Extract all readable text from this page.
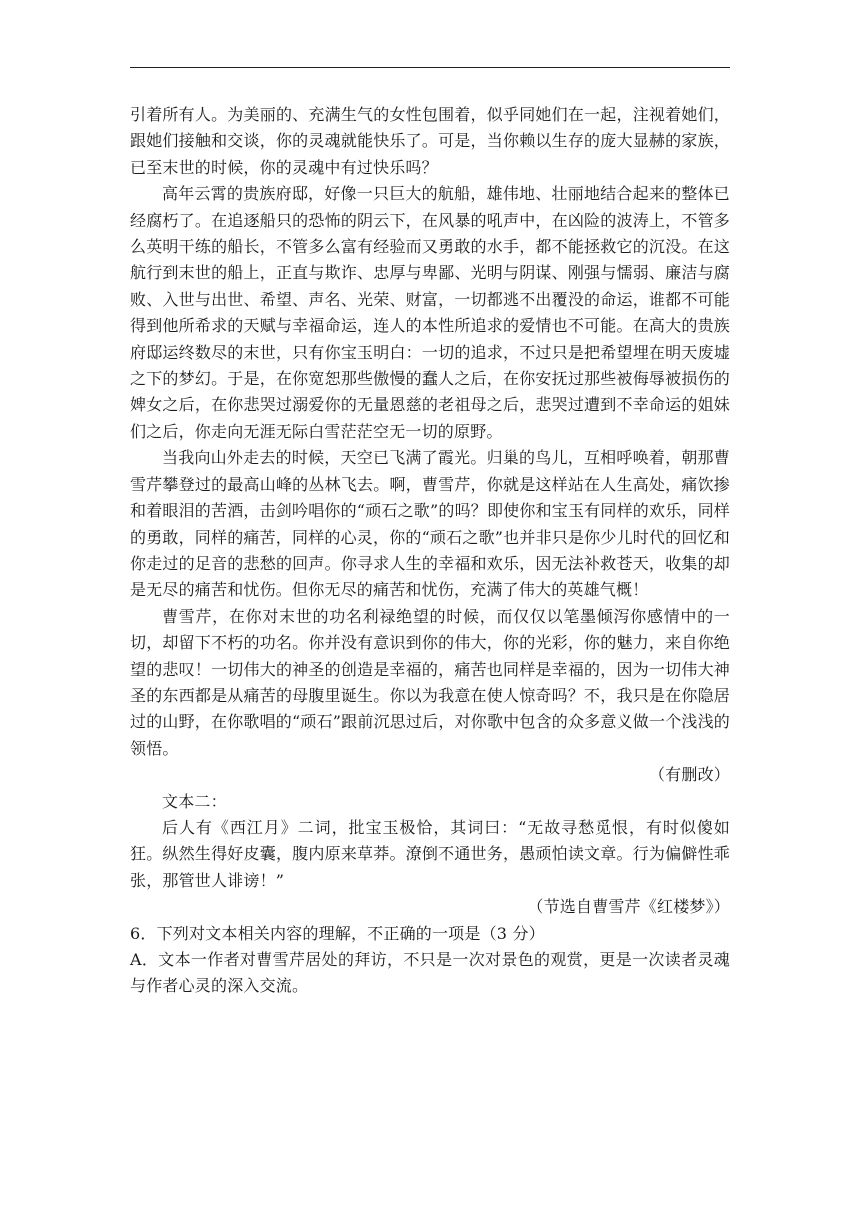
引着所有人。为美丽的、充满生气的女性包围着，似乎同她们在一起，注视着她们，跟她们接触和交谈，你的灵魂就能快乐了。可是，当你赖以生存的庞大显赫的家族，已至末世的时候，你的灵魂中有过快乐吗？

高年云霄的贵族府邸，好像一只巨大的航船，雄伟地、壮丽地结合起来的整体已经腐朽了。在追逐船只的恐怖的阴云下，在风暴的吼声中，在凶险的波涛上，不管多么英明干练的船长，不管多么富有经验而又勇敢的水手，都不能拯救它的沉没。在这航行到末世的船上，正直与欺诈、忠厚与卑鄙、光明与阴谋、刚强与懦弱、廉洁与腐败、入世与出世、希望、声名、光荣、财富，一切都逃不出覆没的命运，谁都不可能得到他所希求的天赋与幸福命运，连人的本性所追求的爱情也不可能。在高大的贵族府邸运终数尽的末世，只有你宝玉明白：一切的追求，不过只是把希望埋在明天废墟之下的梦幻。于是，在你宽恕那些傲慢的蠢人之后，在你安抚过那些被侮辱被损伤的婢女之后，在你悲哭过溺爱你的无量恩慈的老祖母之后，悲哭过遭到不幸命运的姐妹们之后，你走向无涯无际白雪茫茫空无一切的原野。

当我向山外走去的时候，天空已飞满了霞光。归巢的鸟儿，互相呼唤着，朝那曹雪芹攀登过的最高山峰的丛林飞去。啊，曹雪芹，你就是这样站在人生高处，痛饮掺和着眼泪的苦酒，击剑吟唱你的“顽石之歌”的吗？即使你和宝玉有同样的欢乐，同样的勇敢，同样的痛苦，同样的心灵，你的“顽石之歌”也并非只是你少儿时代的回忆和你走过的足音的悲愁的回声。你寻求人生的幸福和欢乐，因无法补救苍天，收集的却是无尽的痛苦和忧伤。但你无尽的痛苦和忧伤，充满了伟大的英雄气概！

曹雪芹，在你对末世的功名利禄绝望的时候，而仅仅以笔墨倾泻你感情中的一切，却留下不朽的功名。你并没有意识到你的伟大，你的光彩，你的魅力，来自你绝望的悲叹！一切伟大的神圣的创造是幸福的，痛苦也同样是幸福的，因为一切伟大神圣的东西都是从痛苦的母腹里诞生。你以为我意在使人惊奇吗？不，我只是在你隐居过的山野，在你歌唱的“顽石”跟前沉思过后，对你歌中包含的众多意义做一个浅浅的领悟。

（有删改）

文本二：

后人有《西江月》二词，批宝玉极恰，其词曰：“无故寻愁觅恨，有时似傻如狂。纵然生得好皮囊，腹内原来草莽。潦倒不通世务，愚顽怕读文章。行为偏僻性乖张，那管世人诽谤！”

（节选自曹雪芹《红楼梦》）

6．下列对文本相关内容的理解，不正确的一项是（3 分）

A．文本一作者对曹雪芹居处的拜访，不只是一次对景色的观赏，更是一次读者灵魂与作者心灵的深入交流。
